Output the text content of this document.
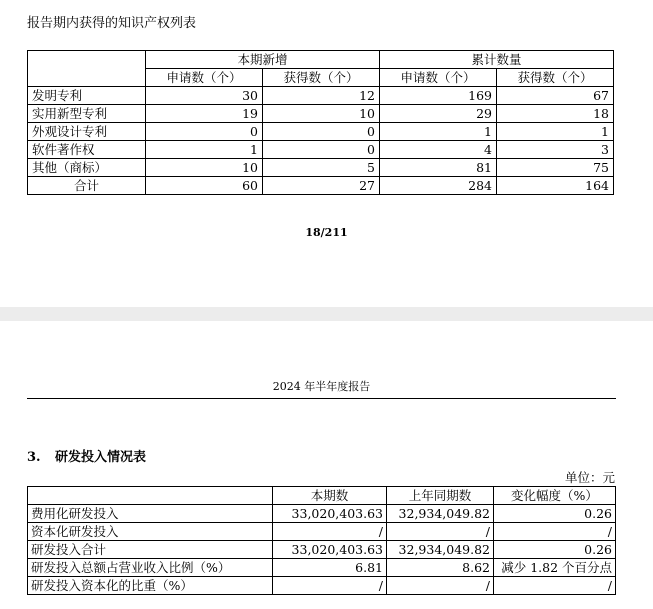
报告期内获得的知识产权列表
	本期新增		累计数量	
	申请数（个）	获得数（个）	申请数（个）	获得数（个）
发明专利	30	12	169	67
实用新型专利	19	10	29	18
外观设计专利	0	0	1	1
软件著作权	1	0	4	3
其他（商标）	10	5	81	75
合计	60	27	284	164
18/211
2024 年半年度报告
3. 研发投入情况表
单位：元
	本期数	上年同期数	变化幅度（%）
费用化研发投入	33,020,403.63	32,934,049.82	0.26
资本化研发投入	/	/	/
研发投入合计	33,020,403.63	32,934,049.82	0.26
研发投入总额占营业收入比例（%）	6.81	8.62	减少 1.82 个百分点
研发投入资本化的比重（%）	/	/	/
